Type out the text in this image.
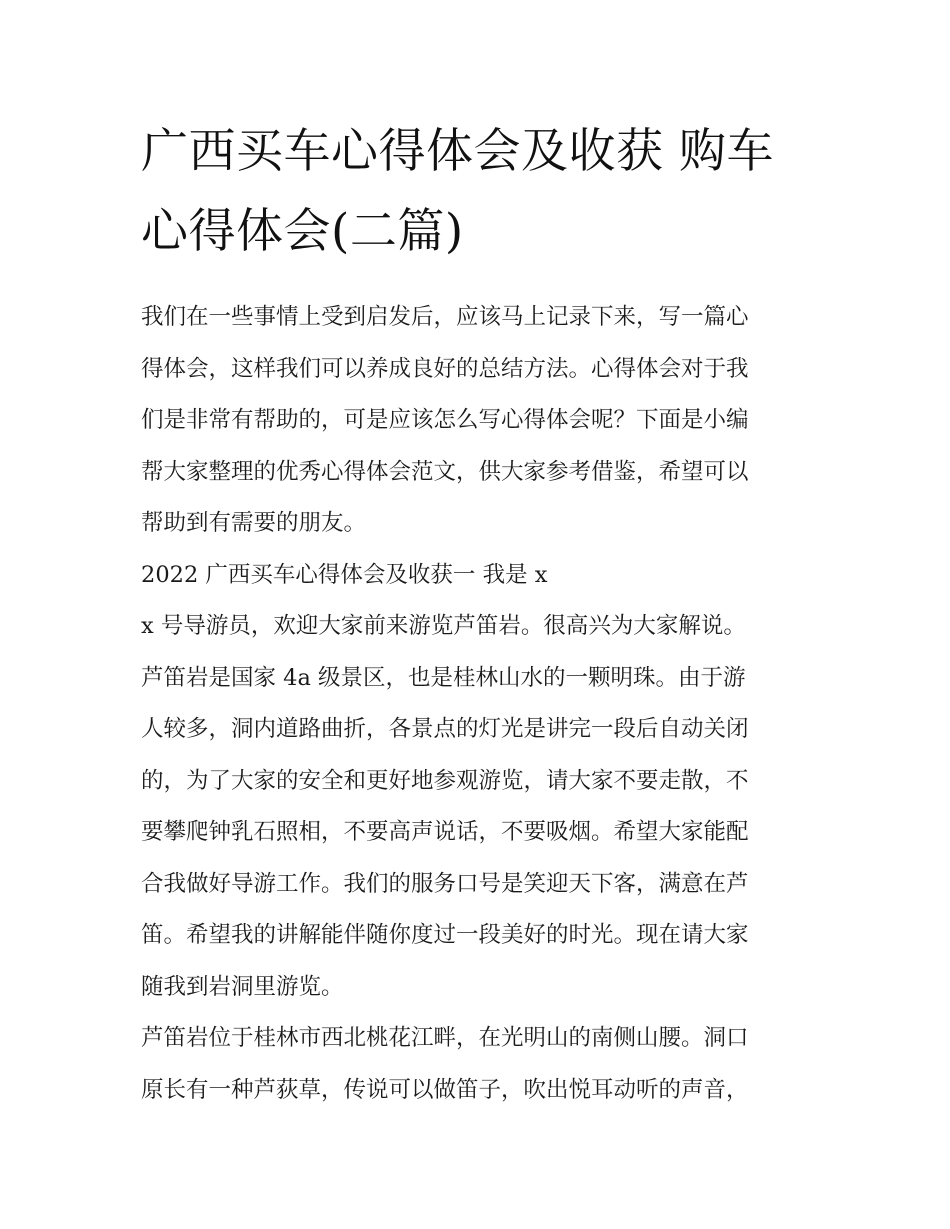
广西买车心得体会及收获 购车
心得体会(二篇)
我们在一些事情上受到启发后，应该马上记录下来，写一篇心
得体会，这样我们可以养成良好的总结方法。心得体会对于我
们是非常有帮助的，可是应该怎么写心得体会呢？下面是小编
帮大家整理的优秀心得体会范文，供大家参考借鉴，希望可以
帮助到有需要的朋友。
2022 广西买车心得体会及收获一 我是 x
x 号导游员，欢迎大家前来游览芦笛岩。很高兴为大家解说。
芦笛岩是国家 4a 级景区，也是桂林山水的一颗明珠。由于游
人较多，洞内道路曲折，各景点的灯光是讲完一段后自动关闭
的，为了大家的安全和更好地参观游览，请大家不要走散，不
要攀爬钟乳石照相，不要高声说话，不要吸烟。希望大家能配
合我做好导游工作。我们的服务口号是笑迎天下客，满意在芦
笛。希望我的讲解能伴随你度过一段美好的时光。现在请大家
随我到岩洞里游览。
芦笛岩位于桂林市西北桃花江畔，在光明山的南侧山腰。洞口
原长有一种芦荻草，传说可以做笛子，吹出悦耳动听的声音，
